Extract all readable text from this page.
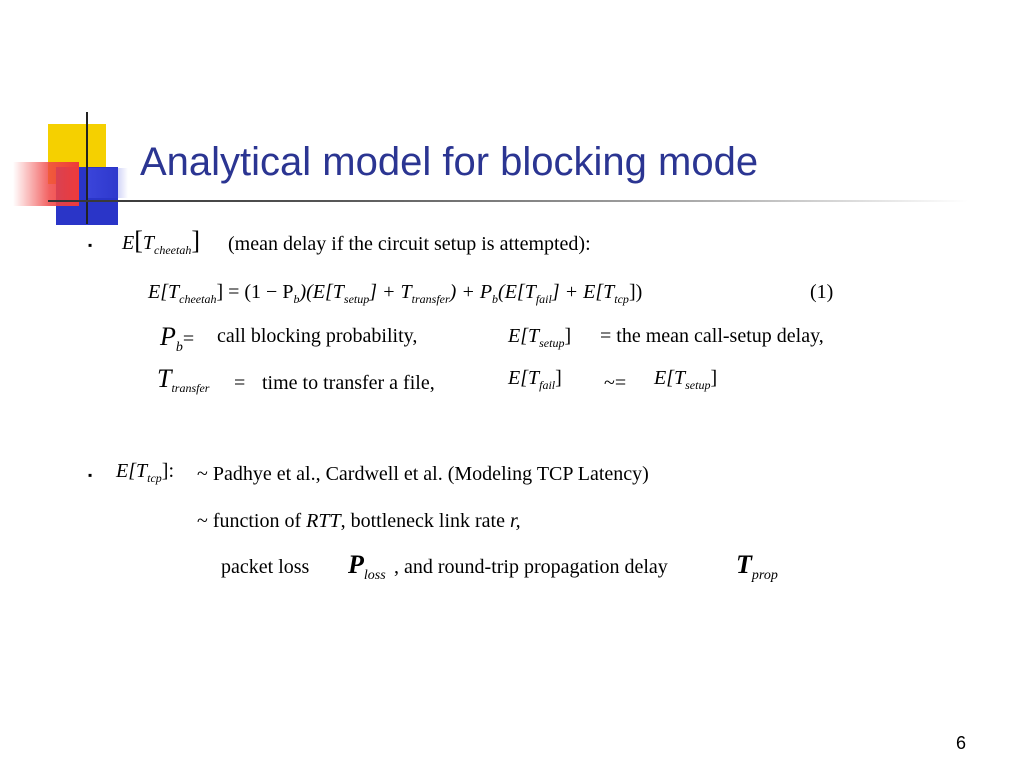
Analytical model for blocking mode
▪ $E[T_{cheetah}]$ (mean delay if the circuit setup is attempted):
$E[T_{cheetah}] = (1 - P_b)(E[T_{setup}] + T_{transfer}) + P_b(E[T_{fail}] + E[T_{tcp}])$	(1)
Pb= call blocking probability,	$E[T_{setup}]$ = the mean call-setup delay,
$T_{transfer}$ = time to transfer a file,	$E[T_{fail}]$ ~= $E[T_{setup}]$
▪ $E[T_{tcp}]$: ~ Padhye et al., Cardwell et al. (Modeling TCP Latency)
~ function of RTT, bottleneck link rate r,
packet loss Ploss , and round-trip propagation delay	Tprop
6
